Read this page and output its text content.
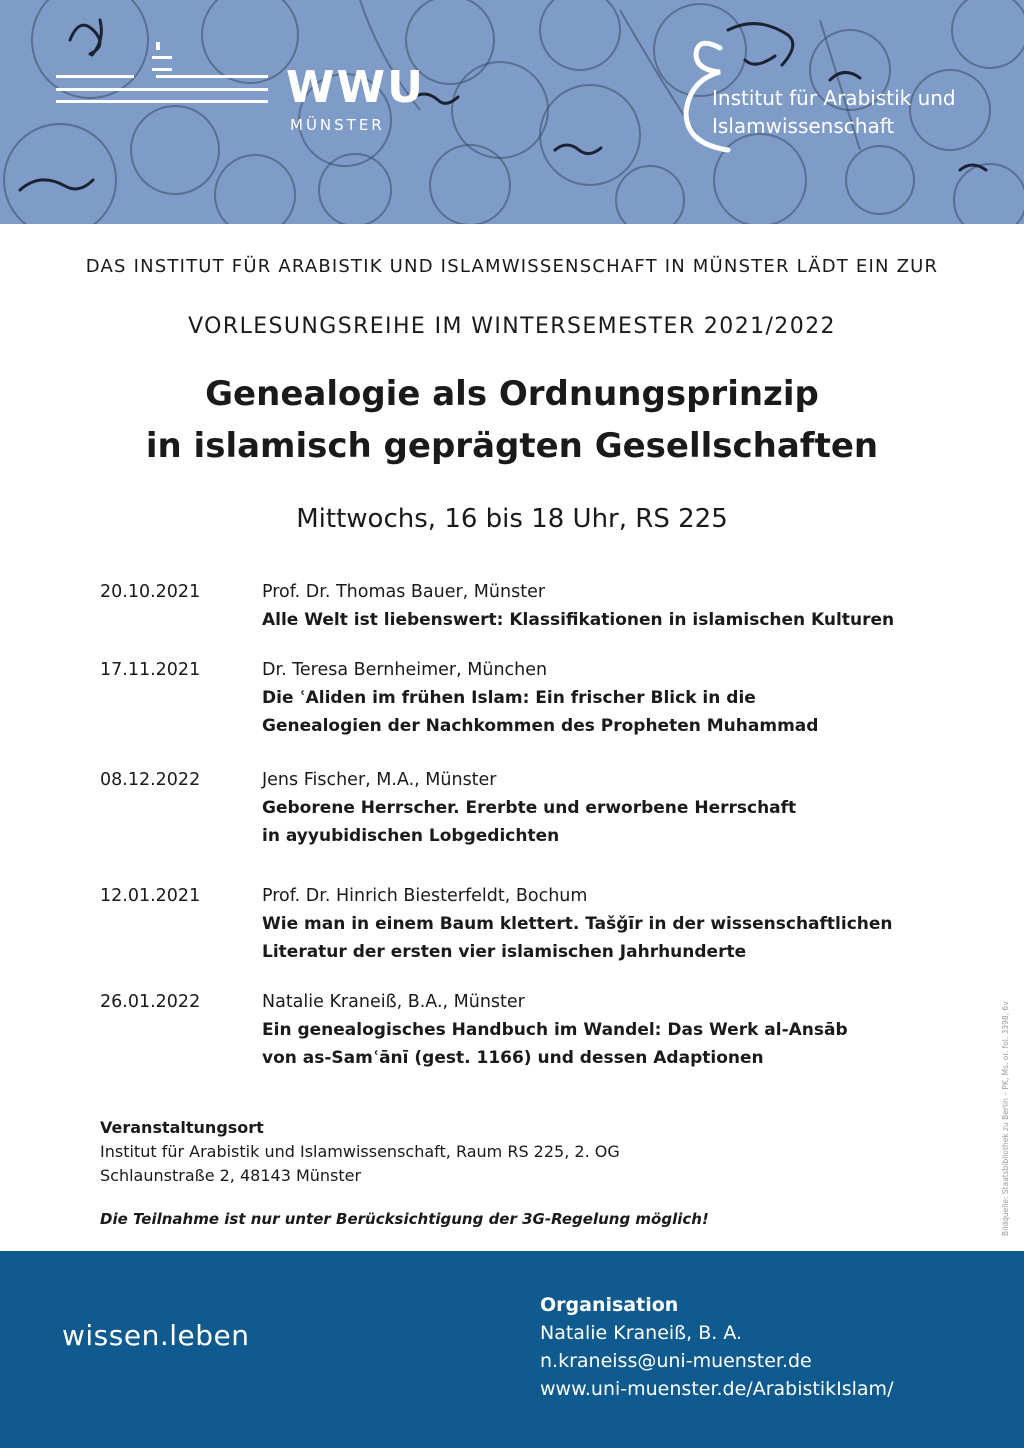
WWU
MÜNSTER
Institut für Arabistik und
Islamwissenschaft
DAS INSTITUT FÜR ARABISTIK UND ISLAMWISSENSCHAFT IN MÜNSTER LÄDT EIN ZUR
VORLESUNGSREIHE IM WINTERSEMESTER 2021/2022
Genealogie als Ordnungsprinzip
in islamisch geprägten Gesellschaften
Mittwochs, 16 bis 18 Uhr, RS 225
20.10.2021	Prof. Dr. Thomas Bauer, Münster
Alle Welt ist liebenswert: Klassifikationen in islamischen Kulturen
17.11.2021	Dr. Teresa Bernheimer, München
Die ʿAliden im frühen Islam: Ein frischer Blick in die
Genealogien der Nachkommen des Propheten Muhammad
08.12.2022	Jens Fischer, M.A., Münster
Geborene Herrscher. Ererbte und erworbene Herrschaft
in ayyubidischen Lobgedichten
12.01.2021	Prof. Dr. Hinrich Biesterfeldt, Bochum
Wie man in einem Baum klettert. Tašǧīr in der wissenschaftlichen
Literatur der ersten vier islamischen Jahrhunderte
26.01.2022	Natalie Kraneiß, B.A., Münster
Ein genealogisches Handbuch im Wandel: Das Werk al-Ansāb
von as-Samʿānī (gest. 1166) und dessen Adaptionen
Veranstaltungsort
Institut für Arabistik und Islamwissenschaft, Raum RS 225, 2. OG
Schlaunstraße 2, 48143 Münster
Die Teilnahme ist nur unter Berücksichtigung der 3G-Regelung möglich!	Bildquelle: Staatsbibliothek zu Berlin – PK, Ms. or. fol. 3398, 6v
wissen.leben
Organisation
Natalie Kraneiß, B. A.
n.kraneiss@uni-muenster.de
www.uni-muenster.de/ArabistikIslam/
